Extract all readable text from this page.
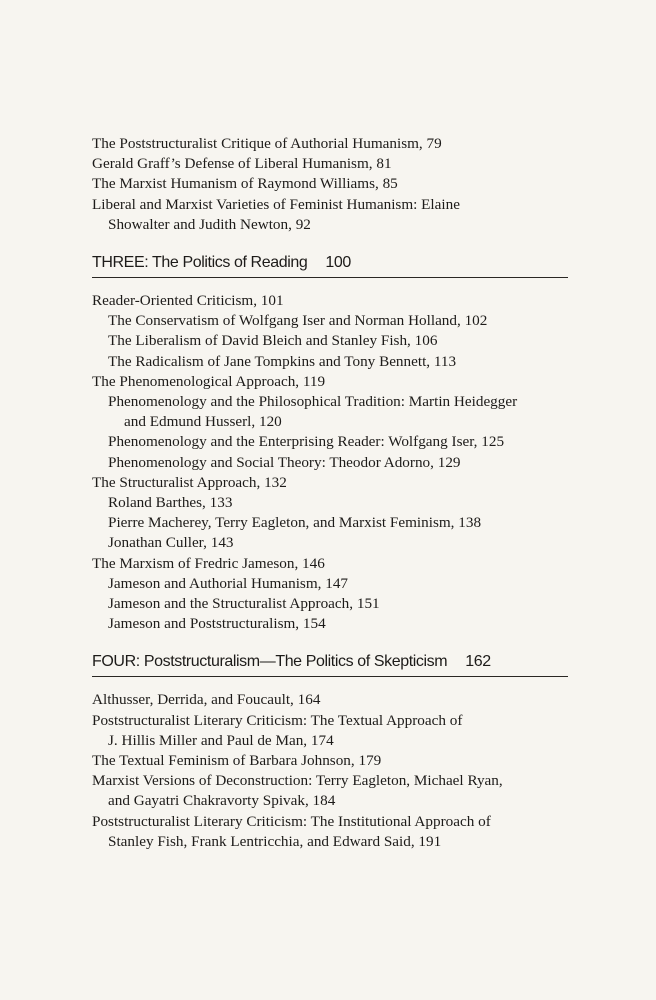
The Poststructuralist Critique of Authorial Humanism, 79
Gerald Graff’s Defense of Liberal Humanism, 81
The Marxist Humanism of Raymond Williams, 85
Liberal and Marxist Varieties of Feminist Humanism: Elaine
Showalter and Judith Newton, 92
THREE: The Politics of Reading 100
Reader-Oriented Criticism, 101
The Conservatism of Wolfgang Iser and Norman Holland, 102
The Liberalism of David Bleich and Stanley Fish, 106
The Radicalism of Jane Tompkins and Tony Bennett, 113
The Phenomenological Approach, 119
Phenomenology and the Philosophical Tradition: Martin Heidegger
and Edmund Husserl, 120
Phenomenology and the Enterprising Reader: Wolfgang Iser, 125
Phenomenology and Social Theory: Theodor Adorno, 129
The Structuralist Approach, 132
Roland Barthes, 133
Pierre Macherey, Terry Eagleton, and Marxist Feminism, 138
Jonathan Culler, 143
The Marxism of Fredric Jameson, 146
Jameson and Authorial Humanism, 147
Jameson and the Structuralist Approach, 151
Jameson and Poststructuralism, 154
FOUR: Poststructuralism—The Politics of Skepticism 162
Althusser, Derrida, and Foucault, 164
Poststructuralist Literary Criticism: The Textual Approach of
J. Hillis Miller and Paul de Man, 174
The Textual Feminism of Barbara Johnson, 179
Marxist Versions of Deconstruction: Terry Eagleton, Michael Ryan,
and Gayatri Chakravorty Spivak, 184
Poststructuralist Literary Criticism: The Institutional Approach of
Stanley Fish, Frank Lentricchia, and Edward Said, 191
